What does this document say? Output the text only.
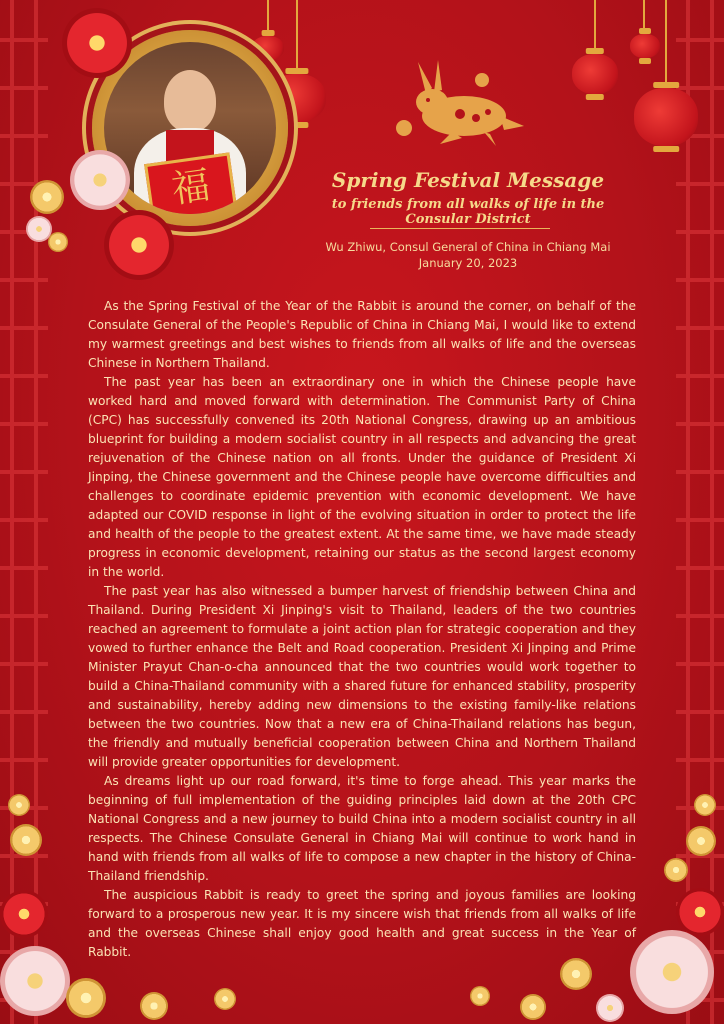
福	Spring Festival Message
to friends from all walks of life in the Consular District

Wu Zhiwu, Consul General of China in Chiang Mai

January 20, 2023

As the Spring Festival of the Year of the Rabbit is around the corner, on behalf of the Consulate General of the People's Republic of China in Chiang Mai, I would like to extend my warmest greetings and best wishes to friends from all walks of life and the overseas Chinese in Northern Thailand.

The past year has been an extraordinary one in which the Chinese people have worked hard and moved forward with determination. The Communist Party of China (CPC) has successfully convened its 20th National Congress, drawing up an ambitious blueprint for building a modern socialist country in all respects and advancing the great rejuvenation of the Chinese nation on all fronts. Under the guidance of President Xi Jinping, the Chinese government and the Chinese people have overcome difficulties and challenges to coordinate epidemic prevention with economic development. We have adapted our COVID response in light of the evolving situation in order to protect the life and health of the people to the greatest extent. At the same time, we have made steady progress in economic development, retaining our status as the second largest economy in the world.

The past year has also witnessed a bumper harvest of friendship between China and Thailand. During President Xi Jinping's visit to Thailand, leaders of the two countries reached an agreement to formulate a joint action plan for strategic cooperation and they vowed to further enhance the Belt and Road cooperation. President Xi Jinping and Prime Minister Prayut Chan-o-cha announced that the two countries would work together to build a China-Thailand community with a shared future for enhanced stability, prosperity and sustainability, hereby adding new dimensions to the existing family-like relations between the two countries. Now that a new era of China-Thailand relations has begun, the friendly and mutually beneficial cooperation between China and Northern Thailand will provide greater opportunities for development.

As dreams light up our road forward, it's time to forge ahead. This year marks the beginning of full implementation of the guiding principles laid down at the 20th CPC National Congress and a new journey to build China into a modern socialist country in all respects. The Chinese Consulate General in Chiang Mai will continue to work hand in hand with friends from all walks of life to compose a new chapter in the history of China-Thailand friendship.

The auspicious Rabbit is ready to greet the spring and joyous families are looking forward to a prosperous new year. It is my sincere wish that friends from all walks of life and the overseas Chinese shall enjoy good health and great success in the Year of Rabbit.
